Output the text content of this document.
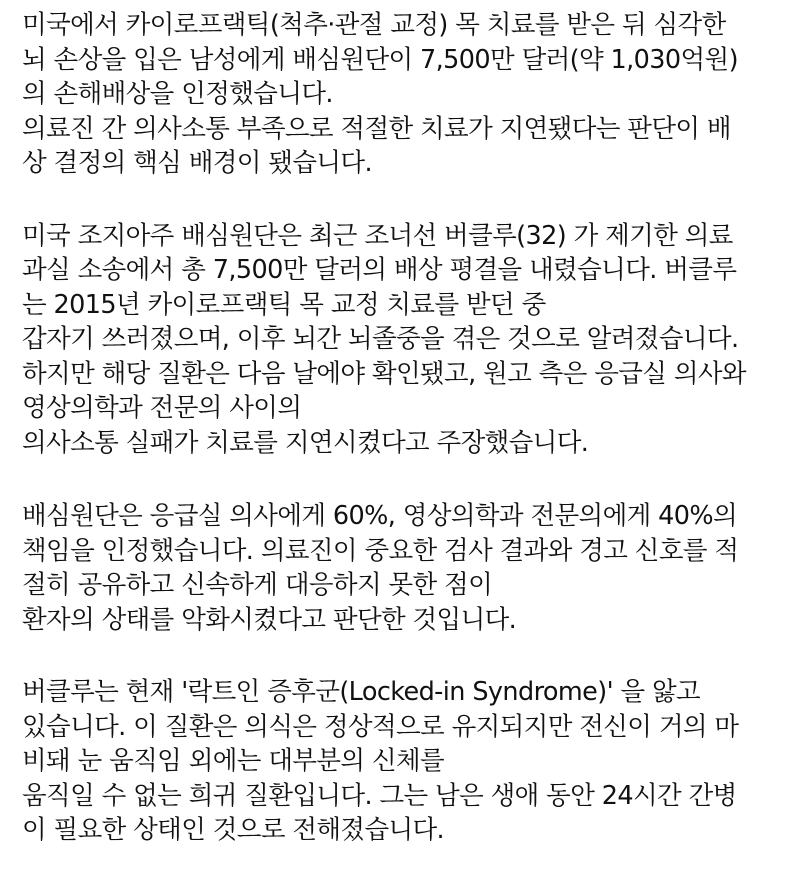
미국에서 카이로프랙틱(척추·관절 교정) 목 치료를 받은 뒤 심각한
뇌 손상을 입은 남성에게 배심원단이 7,500만 달러(약 1,030억원)
의 손해배상을 인정했습니다.
의료진 간 의사소통 부족으로 적절한 치료가 지연됐다는 판단이 배
상 결정의 핵심 배경이 됐습니다.
미국 조지아주 배심원단은 최근 조너선 버클루(32) 가 제기한 의료
과실 소송에서 총 7,500만 달러의 배상 평결을 내렸습니다. 버클루
는 2015년 카이로프랙틱 목 교정 치료를 받던 중
갑자기 쓰러졌으며, 이후 뇌간 뇌졸중을 겪은 것으로 알려졌습니다.
하지만 해당 질환은 다음 날에야 확인됐고, 원고 측은 응급실 의사와
영상의학과 전문의 사이의
의사소통 실패가 치료를 지연시켰다고 주장했습니다.
배심원단은 응급실 의사에게 60%, 영상의학과 전문의에게 40%의
책임을 인정했습니다. 의료진이 중요한 검사 결과와 경고 신호를 적
절히 공유하고 신속하게 대응하지 못한 점이
환자의 상태를 악화시켰다고 판단한 것입니다.
버클루는 현재 '락트인 증후군(Locked-in Syndrome)' 을 앓고
있습니다. 이 질환은 의식은 정상적으로 유지되지만 전신이 거의 마
비돼 눈 움직임 외에는 대부분의 신체를
움직일 수 없는 희귀 질환입니다. 그는 남은 생애 동안 24시간 간병
이 필요한 상태인 것으로 전해졌습니다.
